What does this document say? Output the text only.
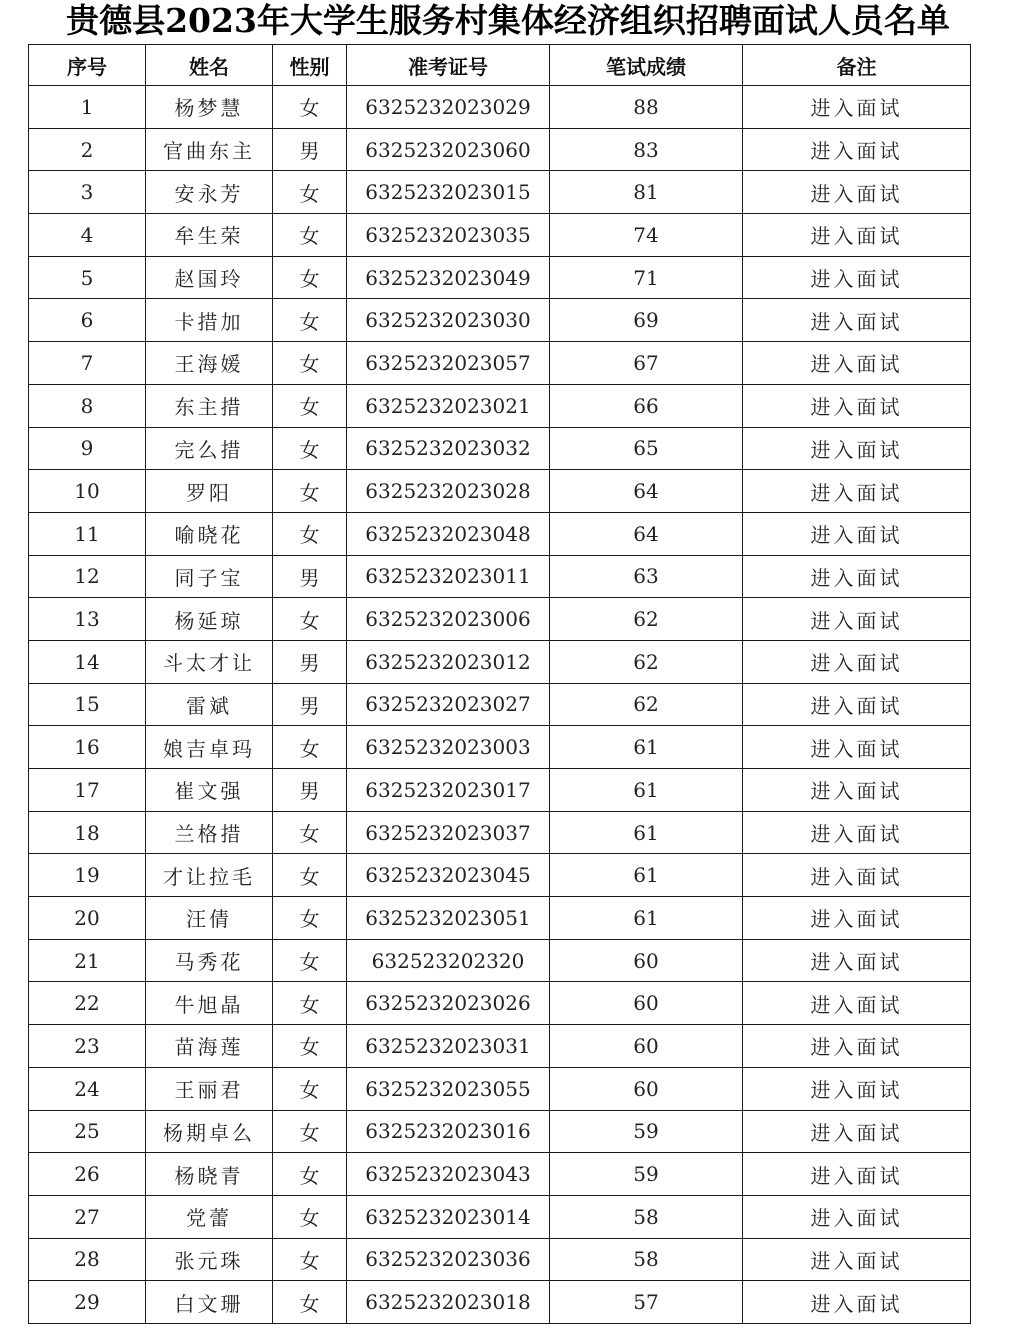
贵德县2023年大学生服务村集体经济组织招聘面试人员名单
序号	姓名	性别	准考证号	笔试成绩	备注
1	杨梦慧	女	6325232023029	88	进入面试
2	官曲东主	男	6325232023060	83	进入面试
3	安永芳	女	6325232023015	81	进入面试
4	牟生荣	女	6325232023035	74	进入面试
5	赵国玲	女	6325232023049	71	进入面试
6	卡措加	女	6325232023030	69	进入面试
7	王海媛	女	6325232023057	67	进入面试
8	东主措	女	6325232023021	66	进入面试
9	完么措	女	6325232023032	65	进入面试
10	罗阳	女	6325232023028	64	进入面试
11	喻晓花	女	6325232023048	64	进入面试
12	同子宝	男	6325232023011	63	进入面试
13	杨延琼	女	6325232023006	62	进入面试
14	斗太才让	男	6325232023012	62	进入面试
15	雷斌	男	6325232023027	62	进入面试
16	娘吉卓玛	女	6325232023003	61	进入面试
17	崔文强	男	6325232023017	61	进入面试
18	兰格措	女	6325232023037	61	进入面试
19	才让拉毛	女	6325232023045	61	进入面试
20	汪倩	女	6325232023051	61	进入面试
21	马秀花	女	632523202320	60	进入面试
22	牛旭晶	女	6325232023026	60	进入面试
23	苗海莲	女	6325232023031	60	进入面试
24	王丽君	女	6325232023055	60	进入面试
25	杨期卓么	女	6325232023016	59	进入面试
26	杨晓青	女	6325232023043	59	进入面试
27	党蕾	女	6325232023014	58	进入面试
28	张元珠	女	6325232023036	58	进入面试
29	白文珊	女	6325232023018	57	进入面试
